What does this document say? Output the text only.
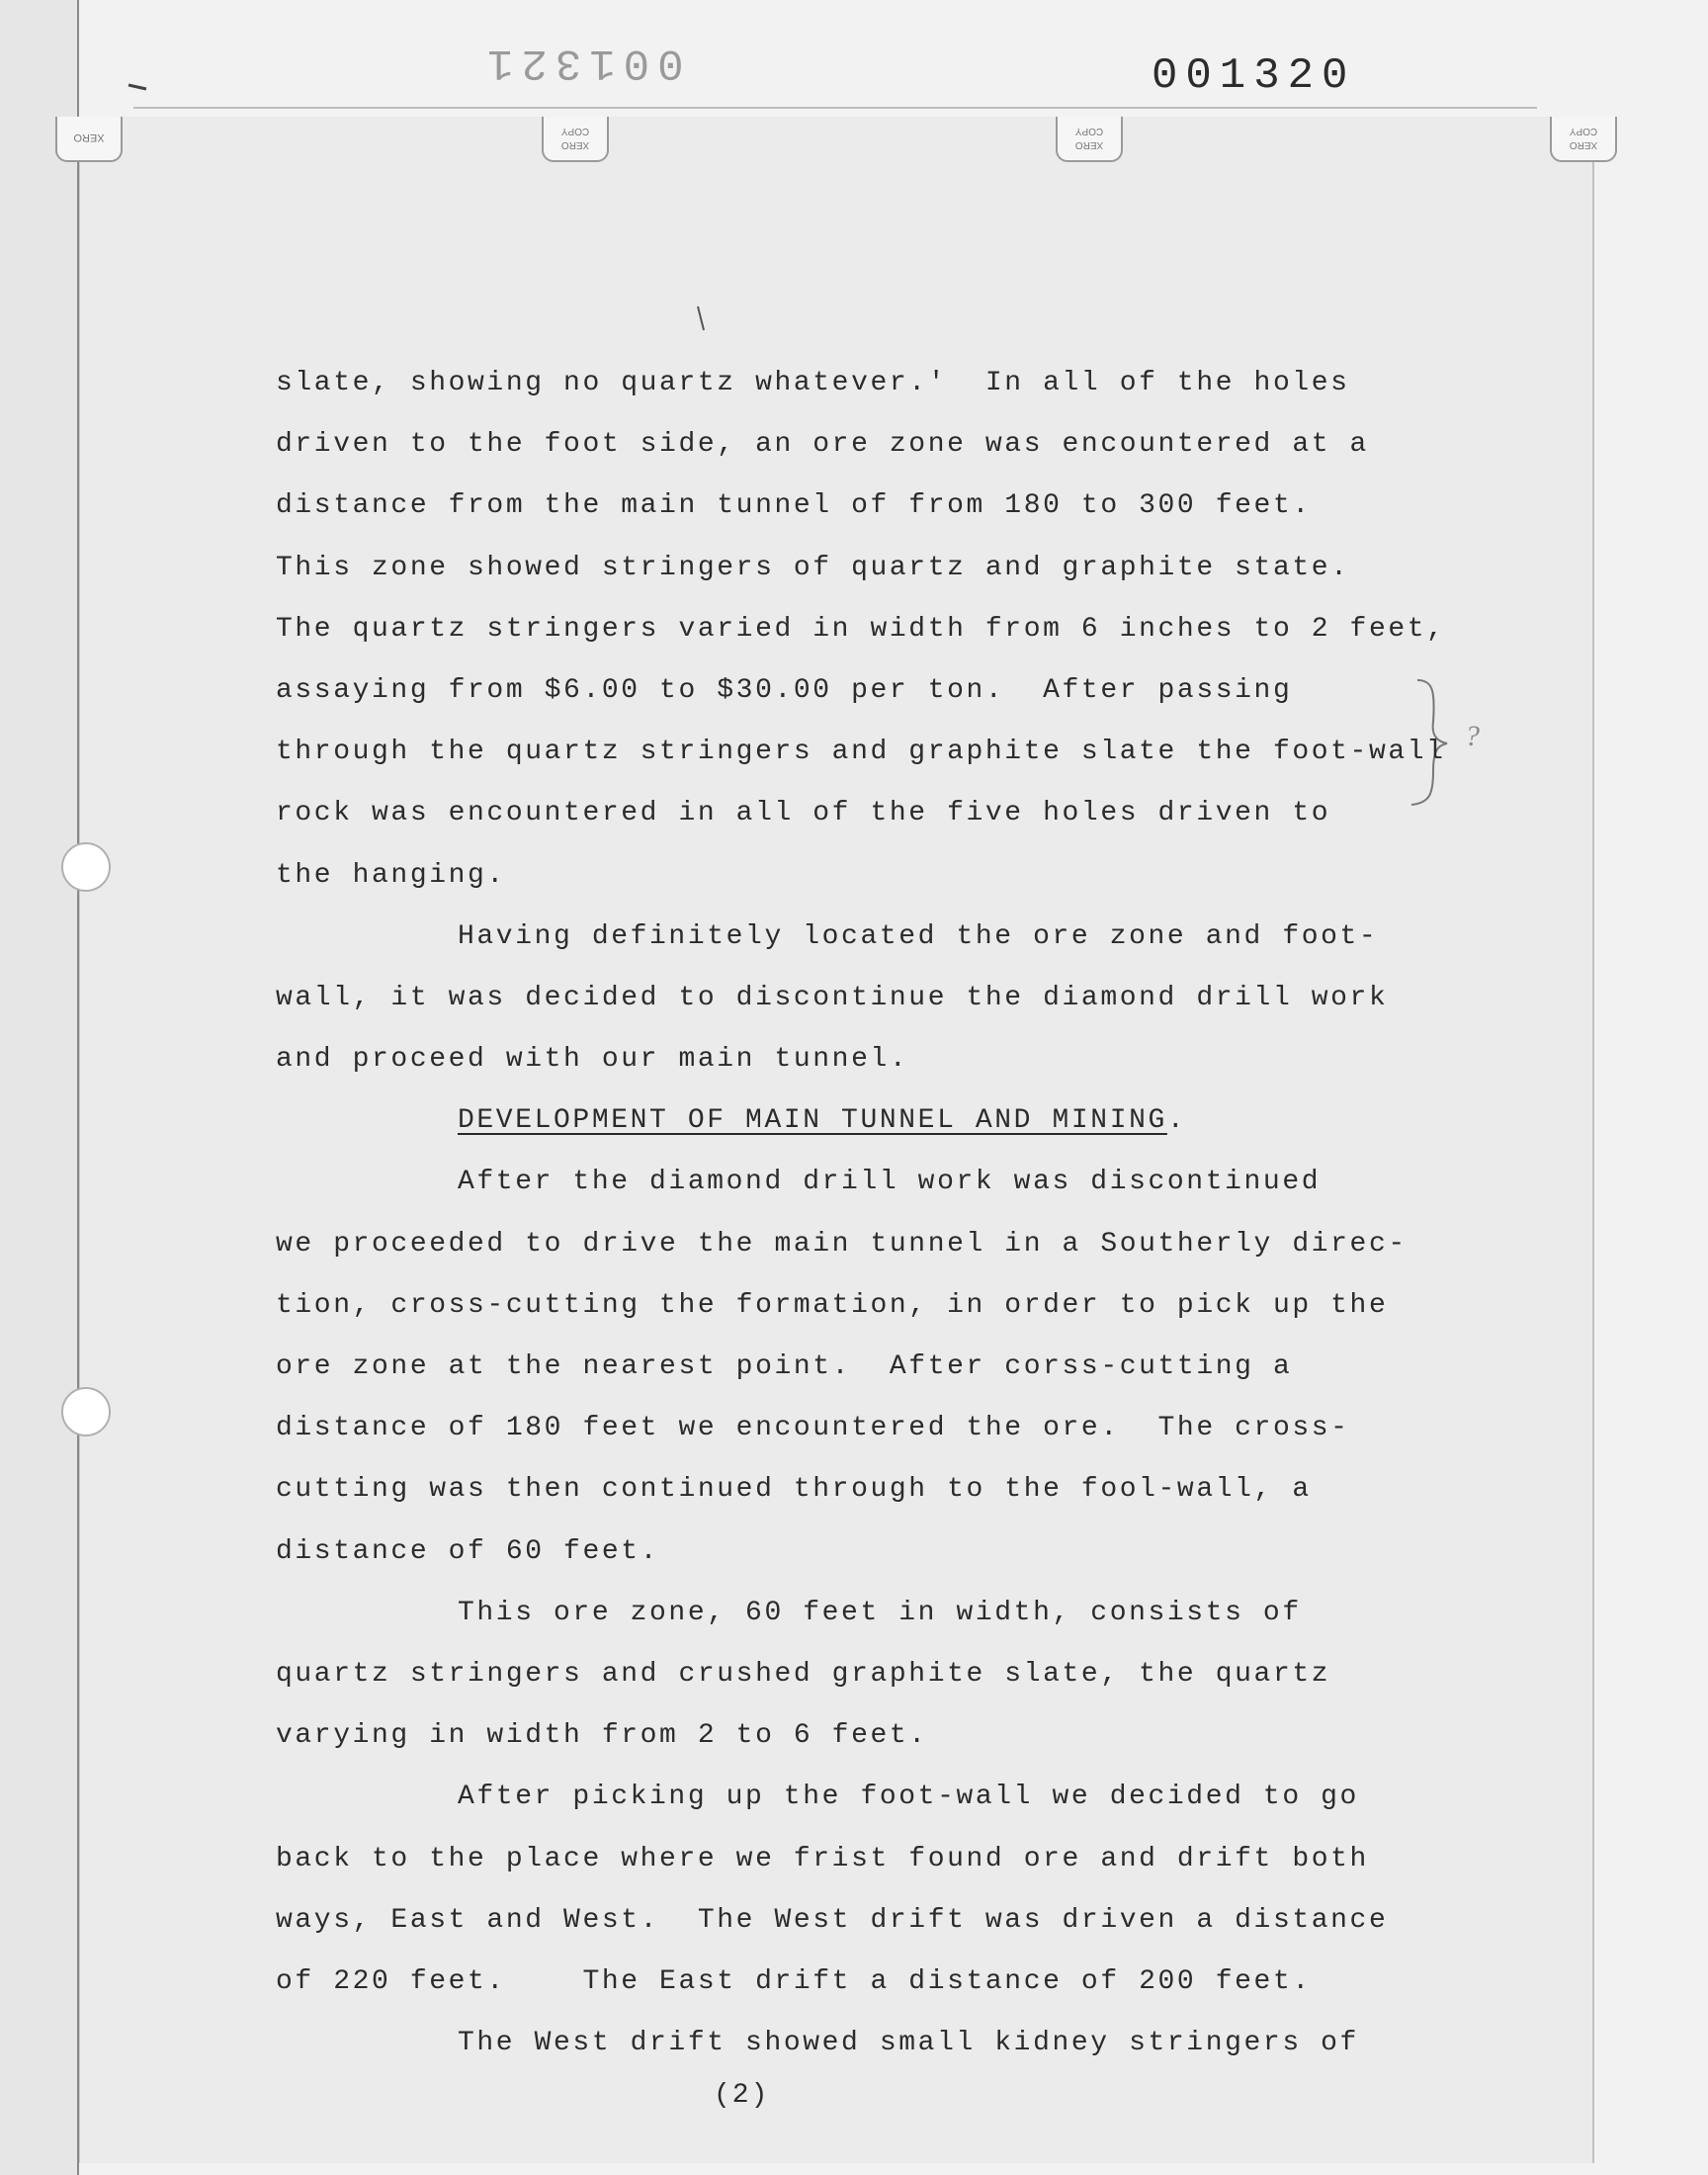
001321	001320
XERO
XERO
COPY
XERO
COPY
XERO
COPY
?
slate, showing no quartz whatever.'  In all of the holes
driven to the foot side, an ore zone was encountered at a
distance from the main tunnel of from 180 to 300 feet.
This zone showed stringers of quartz and graphite state.
The quartz stringers varied in width from 6 inches to 2 feet,
assaying from $6.00 to $30.00 per ton.  After passing
through the quartz stringers and graphite slate the foot-wall
rock was encountered in all of the five holes driven to
the hanging.
Having definitely located the ore zone and foot-
wall, it was decided to discontinue the diamond drill work
and proceed with our main tunnel.
DEVELOPMENT OF MAIN TUNNEL AND MINING.
After the diamond drill work was discontinued
we proceeded to drive the main tunnel in a Southerly direc-
tion, cross-cutting the formation, in order to pick up the
ore zone at the nearest point.  After corss-cutting a
distance of 180 feet we encountered the ore.  The cross-
cutting was then continued through to the fool-wall, a
distance of 60 feet.
This ore zone, 60 feet in width, consists of
quartz stringers and crushed graphite slate, the quartz
varying in width from 2 to 6 feet.
After picking up the foot-wall we decided to go
back to the place where we frist found ore and drift both
ways, East and West.  The West drift was driven a distance
of 220 feet.    The East drift a distance of 200 feet.
The West drift showed small kidney stringers of
(2)
